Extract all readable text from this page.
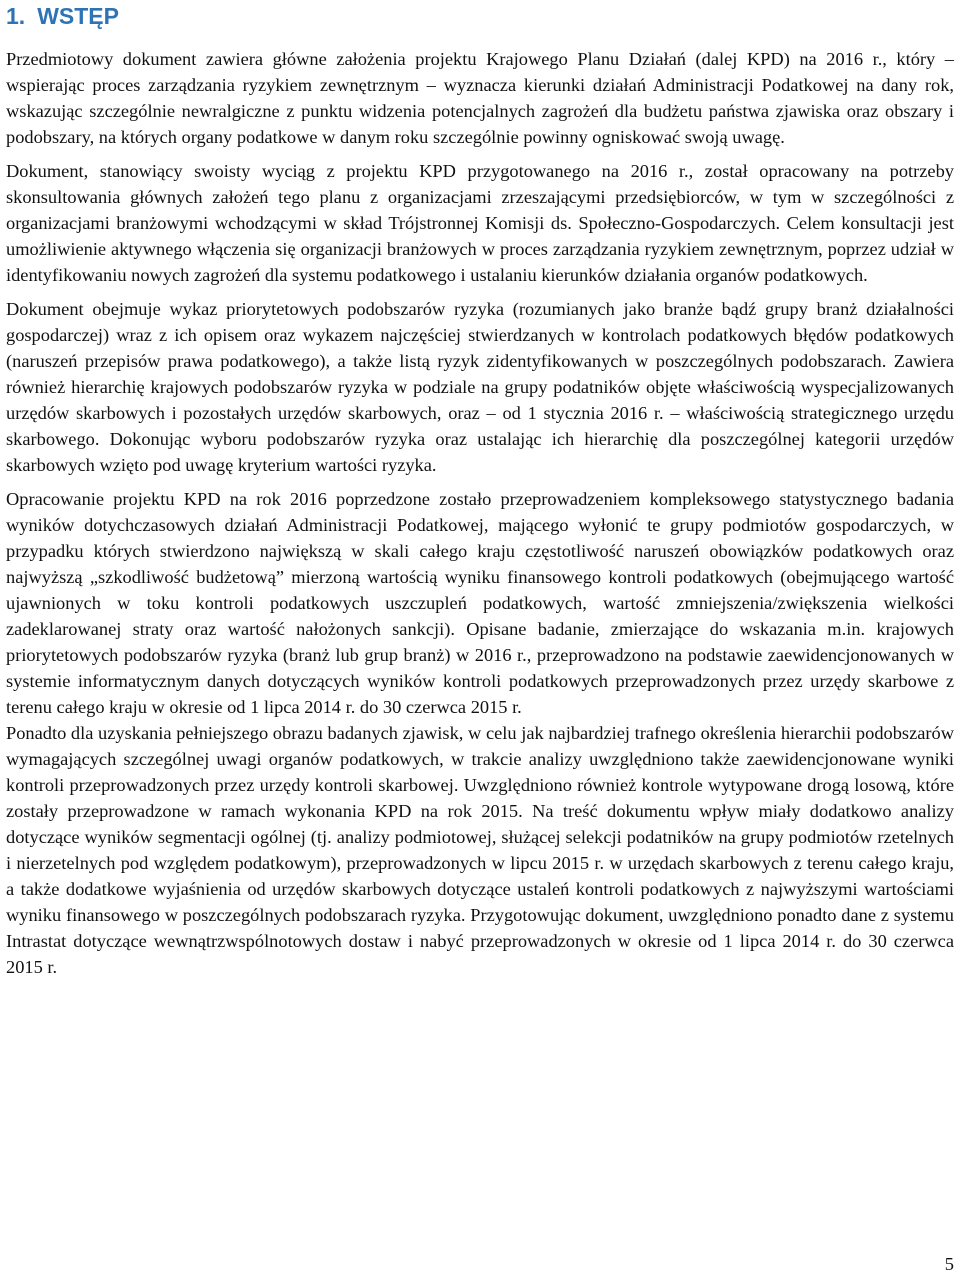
1. WSTĘP

Przedmiotowy dokument zawiera główne założenia projektu Krajowego Planu Działań (dalej KPD) na 2016 r., który – wspierając proces zarządzania ryzykiem zewnętrznym – wyznacza kierunki działań Administracji Podatkowej na dany rok, wskazując szczególnie newralgiczne z punktu widzenia potencjalnych zagrożeń dla budżetu państwa zjawiska oraz obszary i podobszary, na których organy podatkowe w danym roku szczególnie powinny ogniskować swoją uwagę.

Dokument, stanowiący swoisty wyciąg z projektu KPD przygotowanego na 2016 r., został opracowany na potrzeby skonsultowania głównych założeń tego planu z organizacjami zrzeszającymi przedsiębiorców, w tym w szczególności z organizacjami branżowymi wchodzącymi w skład Trójstronnej Komisji ds. Społeczno-Gospodarczych. Celem konsultacji jest umożliwienie aktywnego włączenia się organizacji branżowych w proces zarządzania ryzykiem zewnętrznym, poprzez udział w identyfikowaniu nowych zagrożeń dla systemu podatkowego i ustalaniu kierunków działania organów podatkowych.

Dokument obejmuje wykaz priorytetowych podobszarów ryzyka (rozumianych jako branże bądź grupy branż działalności gospodarczej) wraz z ich opisem oraz wykazem najczęściej stwierdzanych w kontrolach podatkowych błędów podatkowych (naruszeń przepisów prawa podatkowego), a także listą ryzyk zidentyfikowanych w poszczególnych podobszarach. Zawiera również hierarchię krajowych podobszarów ryzyka w podziale na grupy podatników objęte właściwością wyspecjalizowanych urzędów skarbowych i pozostałych urzędów skarbowych, oraz – od 1 stycznia 2016 r. – właściwością strategicznego urzędu skarbowego. Dokonując wyboru podobszarów ryzyka oraz ustalając ich hierarchię dla poszczególnej kategorii urzędów skarbowych wzięto pod uwagę kryterium wartości ryzyka.

Opracowanie projektu KPD na rok 2016 poprzedzone zostało przeprowadzeniem kompleksowego statystycznego badania wyników dotychczasowych działań Administracji Podatkowej, mającego wyłonić te grupy podmiotów gospodarczych, w przypadku których stwierdzono największą w skali całego kraju częstotliwość naruszeń obowiązków podatkowych oraz najwyższą „szkodliwość budżetową” mierzoną wartością wyniku finansowego kontroli podatkowych (obejmującego wartość ujawnionych w toku kontroli podatkowych uszczupleń podatkowych, wartość zmniejszenia/zwiększenia wielkości zadeklarowanej straty oraz wartość nałożonych sankcji). Opisane badanie, zmierzające do wskazania m.in. krajowych priorytetowych podobszarów ryzyka (branż lub grup branż) w 2016 r., przeprowadzono na podstawie zaewidencjonowanych w systemie informatycznym danych dotyczących wyników kontroli podatkowych przeprowadzonych przez urzędy skarbowe z terenu całego kraju w okresie od 1 lipca 2014 r. do 30 czerwca 2015 r.

Ponadto dla uzyskania pełniejszego obrazu badanych zjawisk, w celu jak najbardziej trafnego określenia hierarchii podobszarów wymagających szczególnej uwagi organów podatkowych, w trakcie analizy uwzględniono także zaewidencjonowane wyniki kontroli przeprowadzonych przez urzędy kontroli skarbowej. Uwzględniono również kontrole wytypowane drogą losową, które zostały przeprowadzone w ramach wykonania KPD na rok 2015. Na treść dokumentu wpływ miały dodatkowo analizy dotyczące wyników segmentacji ogólnej (tj. analizy podmiotowej, służącej selekcji podatników na grupy podmiotów rzetelnych i nierzetelnych pod względem podatkowym), przeprowadzonych w lipcu 2015 r. w urzędach skarbowych z terenu całego kraju, a także dodatkowe wyjaśnienia od urzędów skarbowych dotyczące ustaleń kontroli podatkowych z najwyższymi wartościami wyniku finansowego w poszczególnych podobszarach ryzyka. Przygotowując dokument, uwzględniono ponadto dane z systemu Intrastat dotyczące wewnątrzwspólnotowych dostaw i nabyć przeprowadzonych w okresie od 1 lipca 2014 r. do 30 czerwca 2015 r.

5
